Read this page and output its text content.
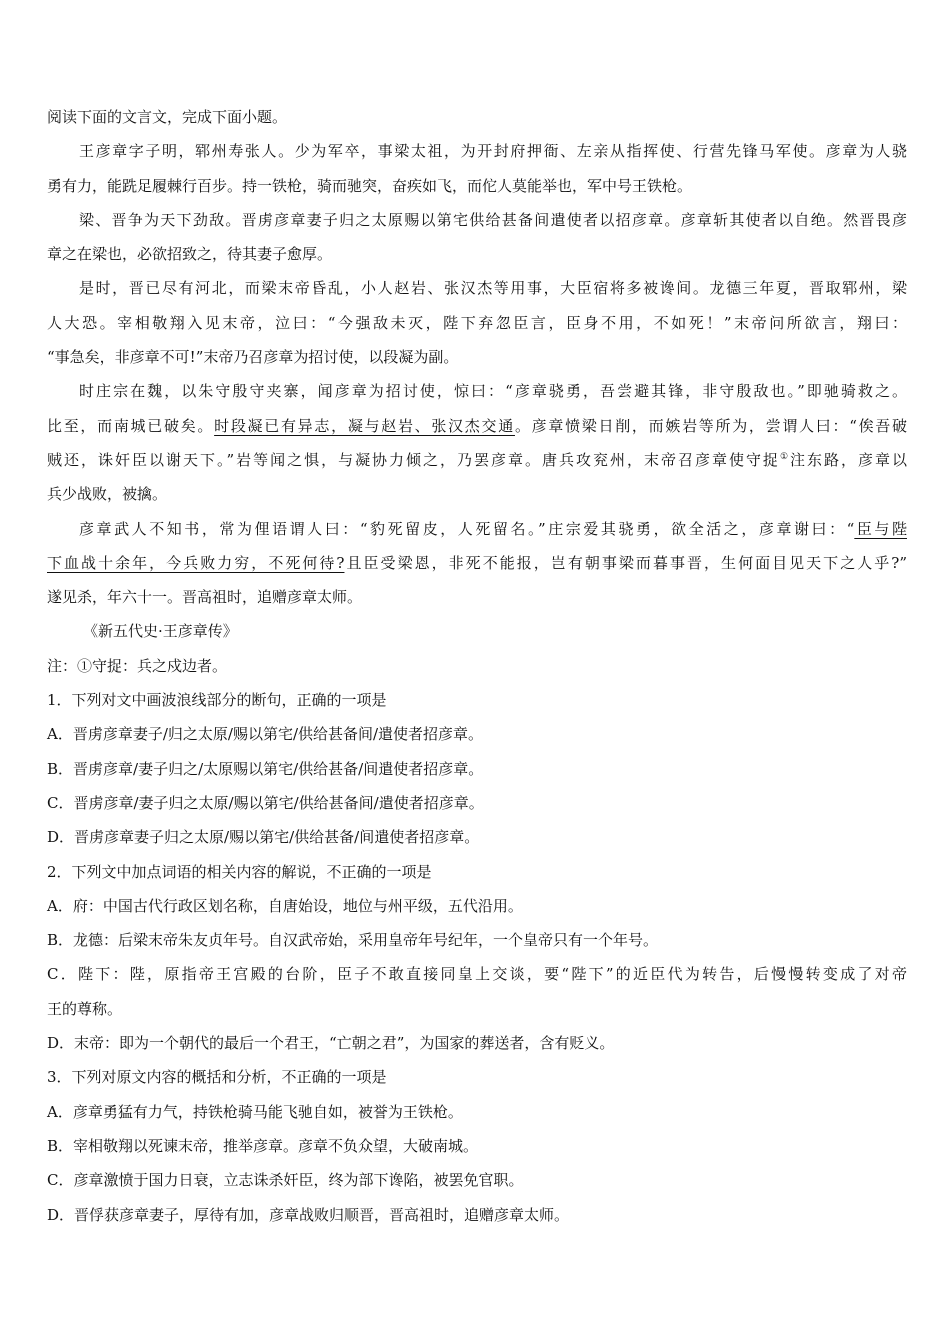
阅读下面的文言文，完成下面小题。

王彦章字子明，郓州寿张人。少为军卒，事梁太祖，为开封府押衙、左亲从指挥使、行营先锋马军使。彦章为人骁

勇有力，能跣足履棘行百步。持一铁枪，骑而驰突，奋疾如飞，而佗人莫能举也，军中号王铁枪。

梁、晋争为天下劲敌。晋虏彦章妻子归之太原赐以第宅供给甚备间遣使者以招彦章。彦章斩其使者以自绝。然晋畏彦

章之在梁也，必欲招致之，待其妻子愈厚。

是时，晋已尽有河北，而梁末帝昏乱，小人赵岩、张汉杰等用事，大臣宿将多被谗间。龙德三年夏，晋取郓州，梁

人大恐。宰相敬翔入见末帝，泣曰：“今强敌未灭，陛下弃忽臣言，臣身不用，不如死！”末帝问所欲言，翔曰：

“事急矣，非彦章不可!”末帝乃召彦章为招讨使，以段凝为副。

时庄宗在魏，以朱守殷守夹寨，闻彦章为招讨使，惊曰：“彦章骁勇，吾尝避其锋，非守殷敌也。”即驰骑救之。

比至，而南城已破矣。时段凝已有异志，凝与赵岩、张汉杰交通。彦章愤梁日削，而嫉岩等所为，尝谓人曰：“俟吾破

贼还，诛奸臣以谢天下。”岩等闻之惧，与凝协力倾之，乃罢彦章。唐兵攻兖州，末帝召彦章使守捉①注东路，彦章以

兵少战败，被擒。

彦章武人不知书，常为俚语谓人曰：“豹死留皮，人死留名。”庄宗爱其骁勇，欲全活之，彦章谢曰：“臣与陛

下血战十余年，今兵败力穷，不死何待?且臣受梁恩，非死不能报，岂有朝事梁而暮事晋，生何面目见天下之人乎?”

遂见杀，年六十一。晋高祖时，追赠彦章太师。

《新五代史·王彦章传》

注：①守捉：兵之戍边者。

1．下列对文中画波浪线部分的断句，正确的一项是

A．晋虏彦章妻子/归之太原/赐以第宅/供给甚备间/遣使者招彦章。

B．晋虏彦章/妻子归之/太原赐以第宅/供给甚备/间遣使者招彦章。

C．晋虏彦章/妻子归之太原/赐以第宅/供给甚备间/遣使者招彦章。

D．晋虏彦章妻子归之太原/赐以第宅/供给甚备/间遣使者招彦章。

2．下列文中加点词语的相关内容的解说，不正确的一项是

A．府：中国古代行政区划名称，自唐始设，地位与州平级，五代沿用。

B．龙德：后梁末帝朱友贞年号。自汉武帝始，采用皇帝年号纪年，一个皇帝只有一个年号。

C．陛下：陛，原指帝王宫殿的台阶，臣子不敢直接同皇上交谈，要“陛下”的近臣代为转告，后慢慢转变成了对帝

王的尊称。

D．末帝：即为一个朝代的最后一个君王，“亡朝之君”，为国家的葬送者，含有贬义。

3．下列对原文内容的概括和分析，不正确的一项是

A．彦章勇猛有力气，持铁枪骑马能飞驰自如，被誉为王铁枪。

B．宰相敬翔以死谏末帝，推举彦章。彦章不负众望，大破南城。

C．彦章激愤于国力日衰，立志诛杀奸臣，终为部下谗陷，被罢免官职。

D．晋俘获彦章妻子，厚待有加，彦章战败归顺晋，晋高祖时，追赠彦章太师。
